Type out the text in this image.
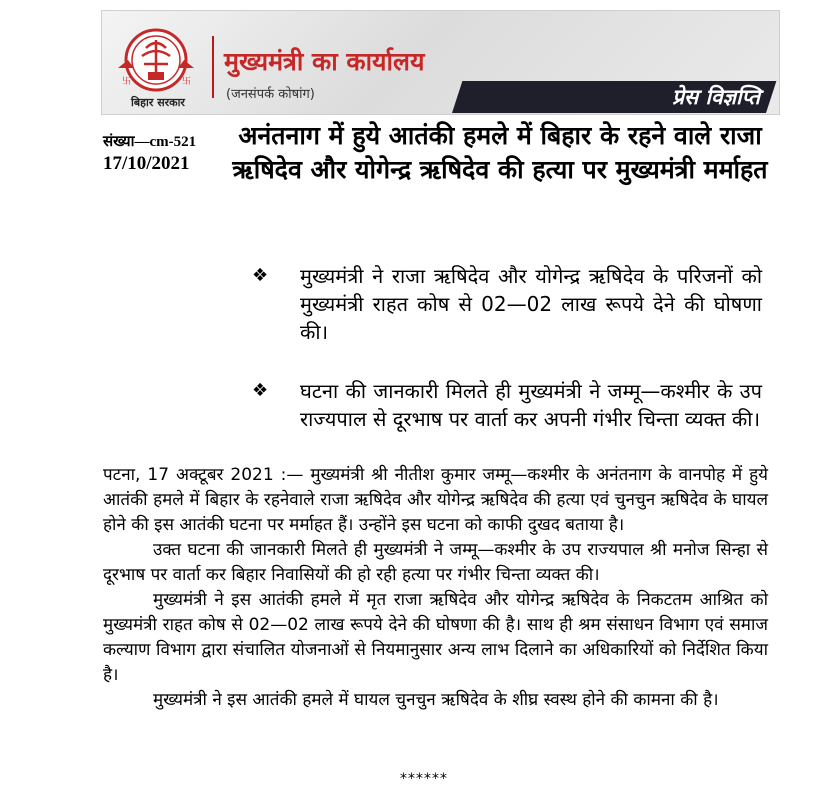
卐	卐
बिहार सरकार
मुख्यमंत्री का कार्यालय
(जनसंपर्क कोषांग)	प्रेस विज्ञप्ति
संख्या—cm-521
17/10/2021
अनंतनाग में हुये आतंकी हमले में बिहार के रहने वाले राजा ऋषिदेव और योगेन्द्र ऋषिदेव की हत्या पर मुख्यमंत्री मर्माहत
❖	मुख्यमंत्री ने राजा ऋषिदेव और योगेन्द्र ऋषिदेव के परिजनों को मुख्यमंत्री राहत कोष से 02—02 लाख रूपये देने की घोषणा की।
❖	घटना की जानकारी मिलते ही मुख्यमंत्री ने जम्मू—कश्मीर के उप राज्यपाल से दूरभाष पर वार्ता कर अपनी गंभीर चिन्ता व्यक्त की।

पटना, 17 अक्टूबर 2021 :— मुख्यमंत्री श्री नीतीश कुमार जम्मू—कश्मीर के अनंतनाग के वानपोह में हुये आतंकी हमले में बिहार के रहनेवाले राजा ऋषिदेव और योगेन्द्र ऋषिदेव की हत्या एवं चुनचुन ऋषिदेव के घायल होने की इस आतंकी घटना पर मर्माहत हैं। उन्होंने इस घटना को काफी दुखद बताया है।

उक्त घटना की जानकारी मिलते ही मुख्यमंत्री ने जम्मू—कश्मीर के उप राज्यपाल श्री मनोज सिन्हा से दूरभाष पर वार्ता कर बिहार निवासियों की हो रही हत्या पर गंभीर चिन्ता व्यक्त की।

मुख्यमंत्री ने इस आतंकी हमले में मृत राजा ऋषिदेव और योगेन्द्र ऋषिदेव के निकटतम आश्रित को मुख्यमंत्री राहत कोष से 02—02 लाख रूपये देने की घोषणा की है। साथ ही श्रम संसाधन विभाग एवं समाज कल्याण विभाग द्वारा संचालित योजनाओं से नियमानुसार अन्य लाभ दिलाने का अधिकारियों को निर्देशित किया है।

मुख्यमंत्री ने इस आतंकी हमले में घायल चुनचुन ऋषिदेव के शीघ्र स्वस्थ होने की कामना की है।

******
